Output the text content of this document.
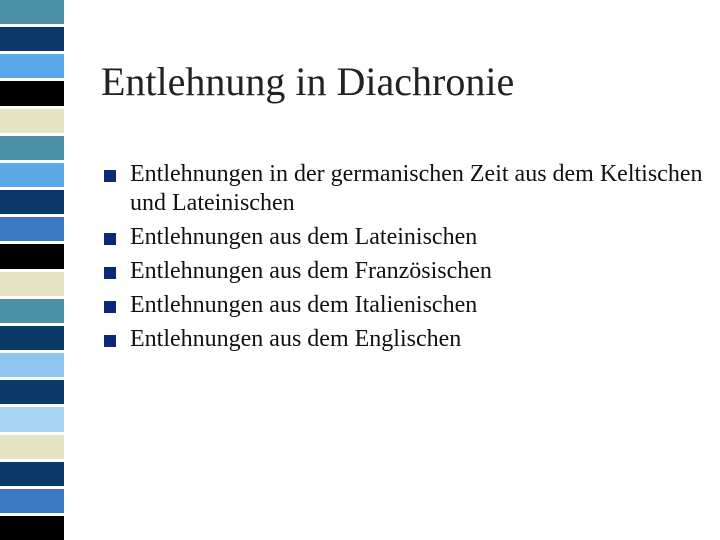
Entlehnung in Diachronie
Entlehnungen in der germanischen Zeit aus dem Keltischen und Lateinischen
Entlehnungen aus dem Lateinischen
Entlehnungen aus dem Französischen
Entlehnungen aus dem Italienischen
Entlehnungen aus dem Englischen
